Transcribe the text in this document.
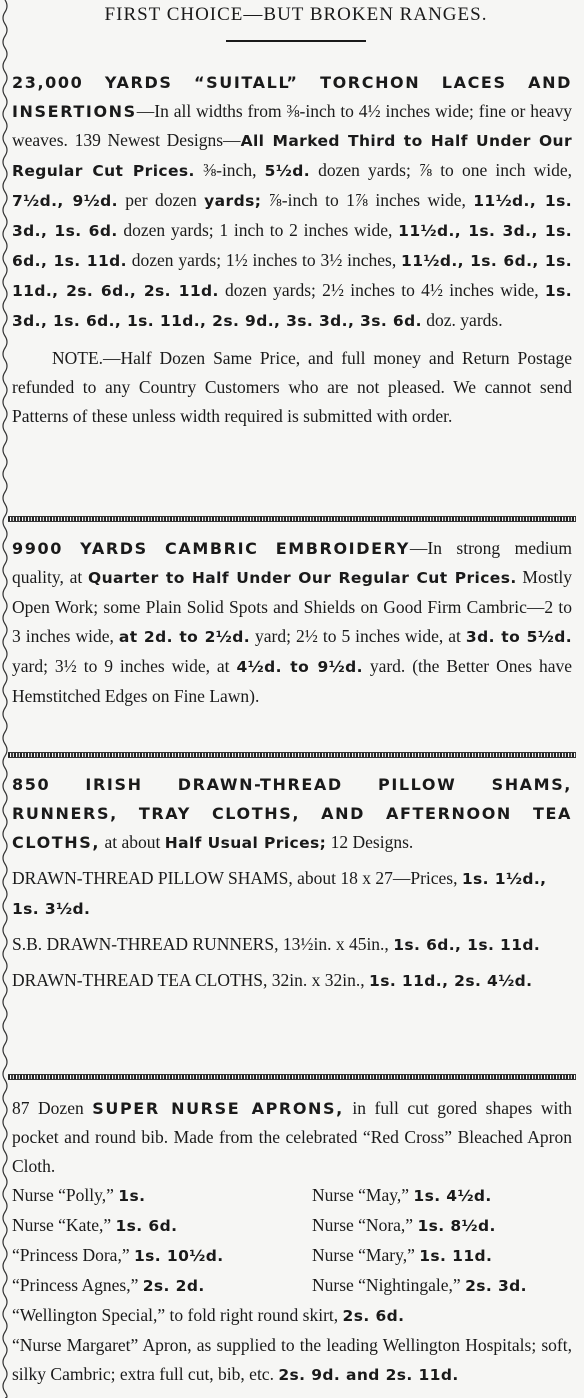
FIRST CHOICE—BUT BROKEN RANGES.

23,000 YARDS “SUITALL” TORCHON LACES AND INSERTIONS—In all widths from ⅜-inch to 4½ inches wide; fine or heavy weaves. 139 Newest Designs—All Marked Third to Half Under Our Regular Cut Prices. ⅜-inch, 5½d. dozen yards; ⅞ to one inch wide, 7½d., 9½d. per dozen yards; ⅞-inch to 1⅞ inches wide, 11½d., 1s. 3d., 1s. 6d. dozen yards; 1 inch to 2 inches wide, 11½d., 1s. 3d., 1s. 6d., 1s. 11d. dozen yards; 1½ inches to 3½ inches, 11½d., 1s. 6d., 1s. 11d., 2s. 6d., 2s. 11d. dozen yards; 2½ inches to 4½ inches wide, 1s. 3d., 1s. 6d., 1s. 11d., 2s. 9d., 3s. 3d., 3s. 6d. doz. yards.

NOTE.—Half Dozen Same Price, and full money and Return Postage refunded to any Country Customers who are not pleased. We cannot send Patterns of these unless width required is submitted with order.

9900 YARDS CAMBRIC EMBROIDERY—In strong medium quality, at Quarter to Half Under Our Regular Cut Prices. Mostly Open Work; some Plain Solid Spots and Shields on Good Firm Cambric—2 to 3 inches wide, at 2d. to 2½d. yard; 2½ to 5 inches wide, at 3d. to 5½d. yard; 3½ to 9 inches wide, at 4½d. to 9½d. yard. (the Better Ones have Hemstitched Edges on Fine Lawn).

850 IRISH DRAWN-THREAD PILLOW SHAMS, RUNNERS, TRAY CLOTHS, AND AFTERNOON TEA CLOTHS, at about Half Usual Prices; 12 Designs.

DRAWN-THREAD PILLOW SHAMS, about 18 x 27—Prices, 1s. 1½d., 1s. 3½d.

S.B. DRAWN-THREAD RUNNERS, 13½in. x 45in., 1s. 6d., 1s. 11d.

DRAWN-THREAD TEA CLOTHS, 32in. x 32in., 1s. 11d., 2s. 4½d.

87 Dozen SUPER NURSE APRONS, in full cut gored shapes with pocket and round bib. Made from the celebrated “Red Cross” Bleached Apron Cloth.

Nurse “Polly,” 1s.	Nurse “May,” 1s. 4½d.
Nurse “Kate,” 1s. 6d.	Nurse “Nora,” 1s. 8½d.
“Princess Dora,” 1s. 10½d.	Nurse “Mary,” 1s. 11d.
“Princess Agnes,” 2s. 2d.	Nurse “Nightingale,” 2s. 3d.

“Wellington Special,” to fold right round skirt, 2s. 6d.

“Nurse Margaret” Apron, as supplied to the leading Wellington Hospitals; soft, silky Cambric; extra full cut, bib, etc. 2s. 9d. and 2s. 11d.
